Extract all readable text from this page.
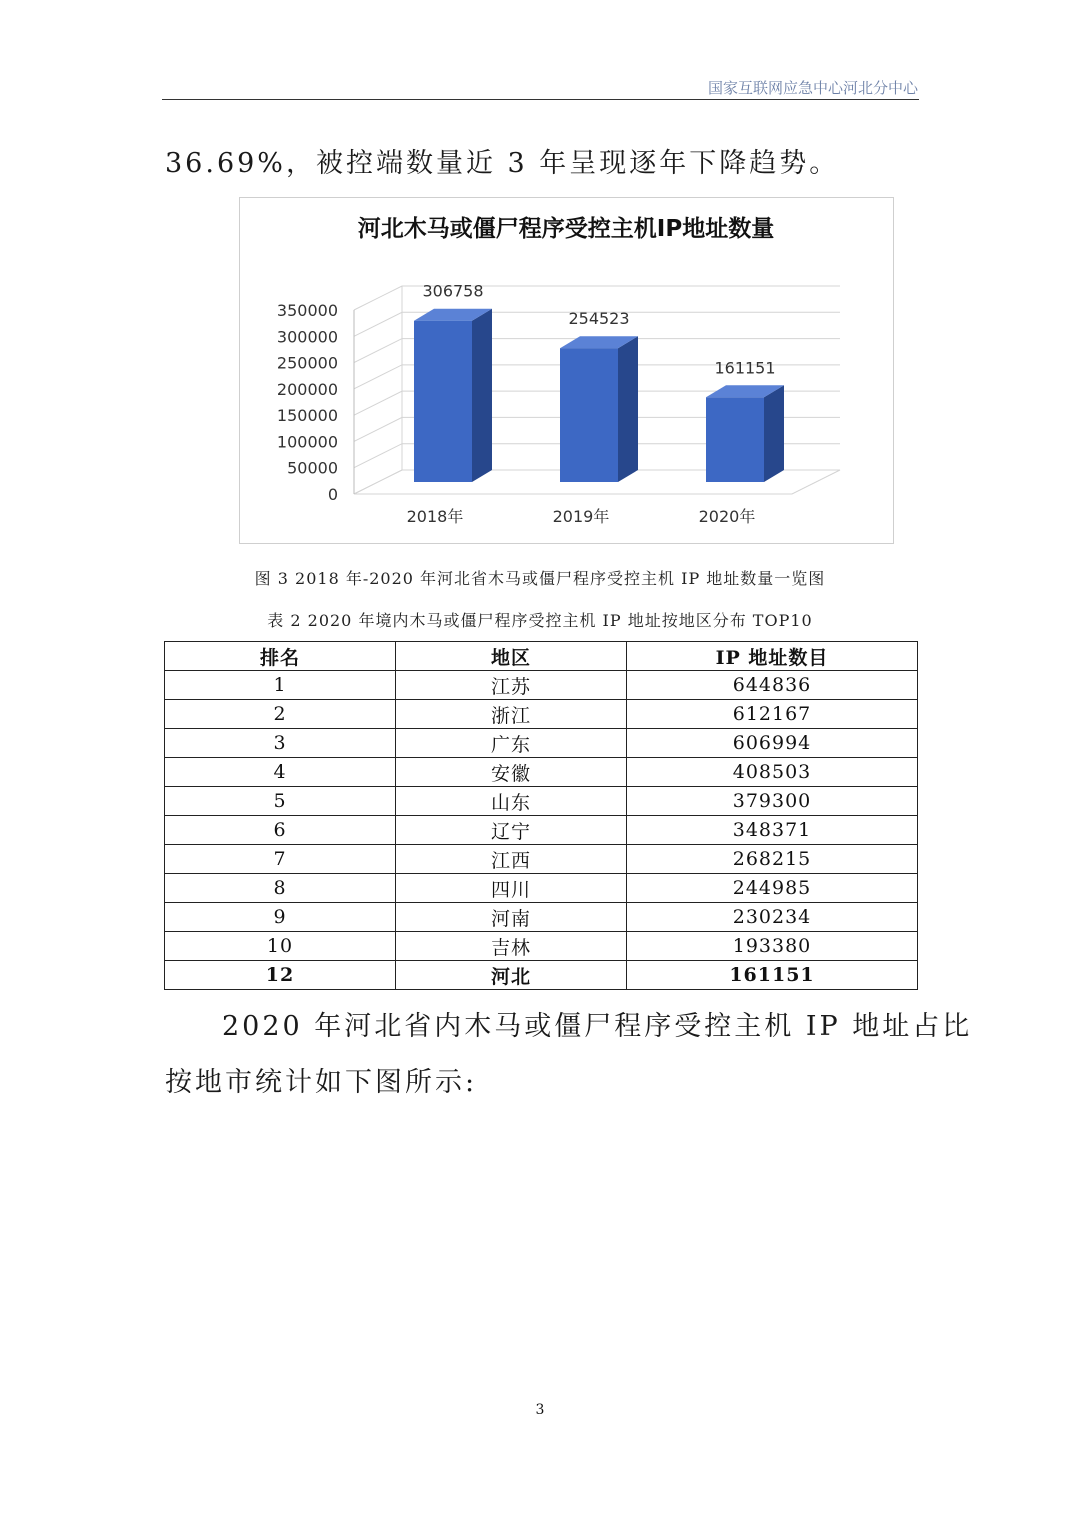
国家互联网应急中心河北分中心
36.69%，被控端数量近 3 年呈现逐年下降趋势。
河北木马或僵尸程序受控主机IP地址数量
0
50000
100000
150000
200000
250000
300000
350000
306758
254523
161151
2018年	2019年	2020年
图 3 2018 年-2020 年河北省木马或僵尸程序受控主机 IP 地址数量一览图
表 2 2020 年境内木马或僵尸程序受控主机 IP 地址按地区分布 TOP10
排名	地区	IP 地址数目
1	江苏	644836
2	浙江	612167
3	广东	606994
4	安徽	408503
5	山东	379300
6	辽宁	348371
7	江西	268215
8	四川	244985
9	河南	230234
10	吉林	193380
12	河北	161151
2020 年河北省内木马或僵尸程序受控主机 IP 地址占比
按地市统计如下图所示:
3
